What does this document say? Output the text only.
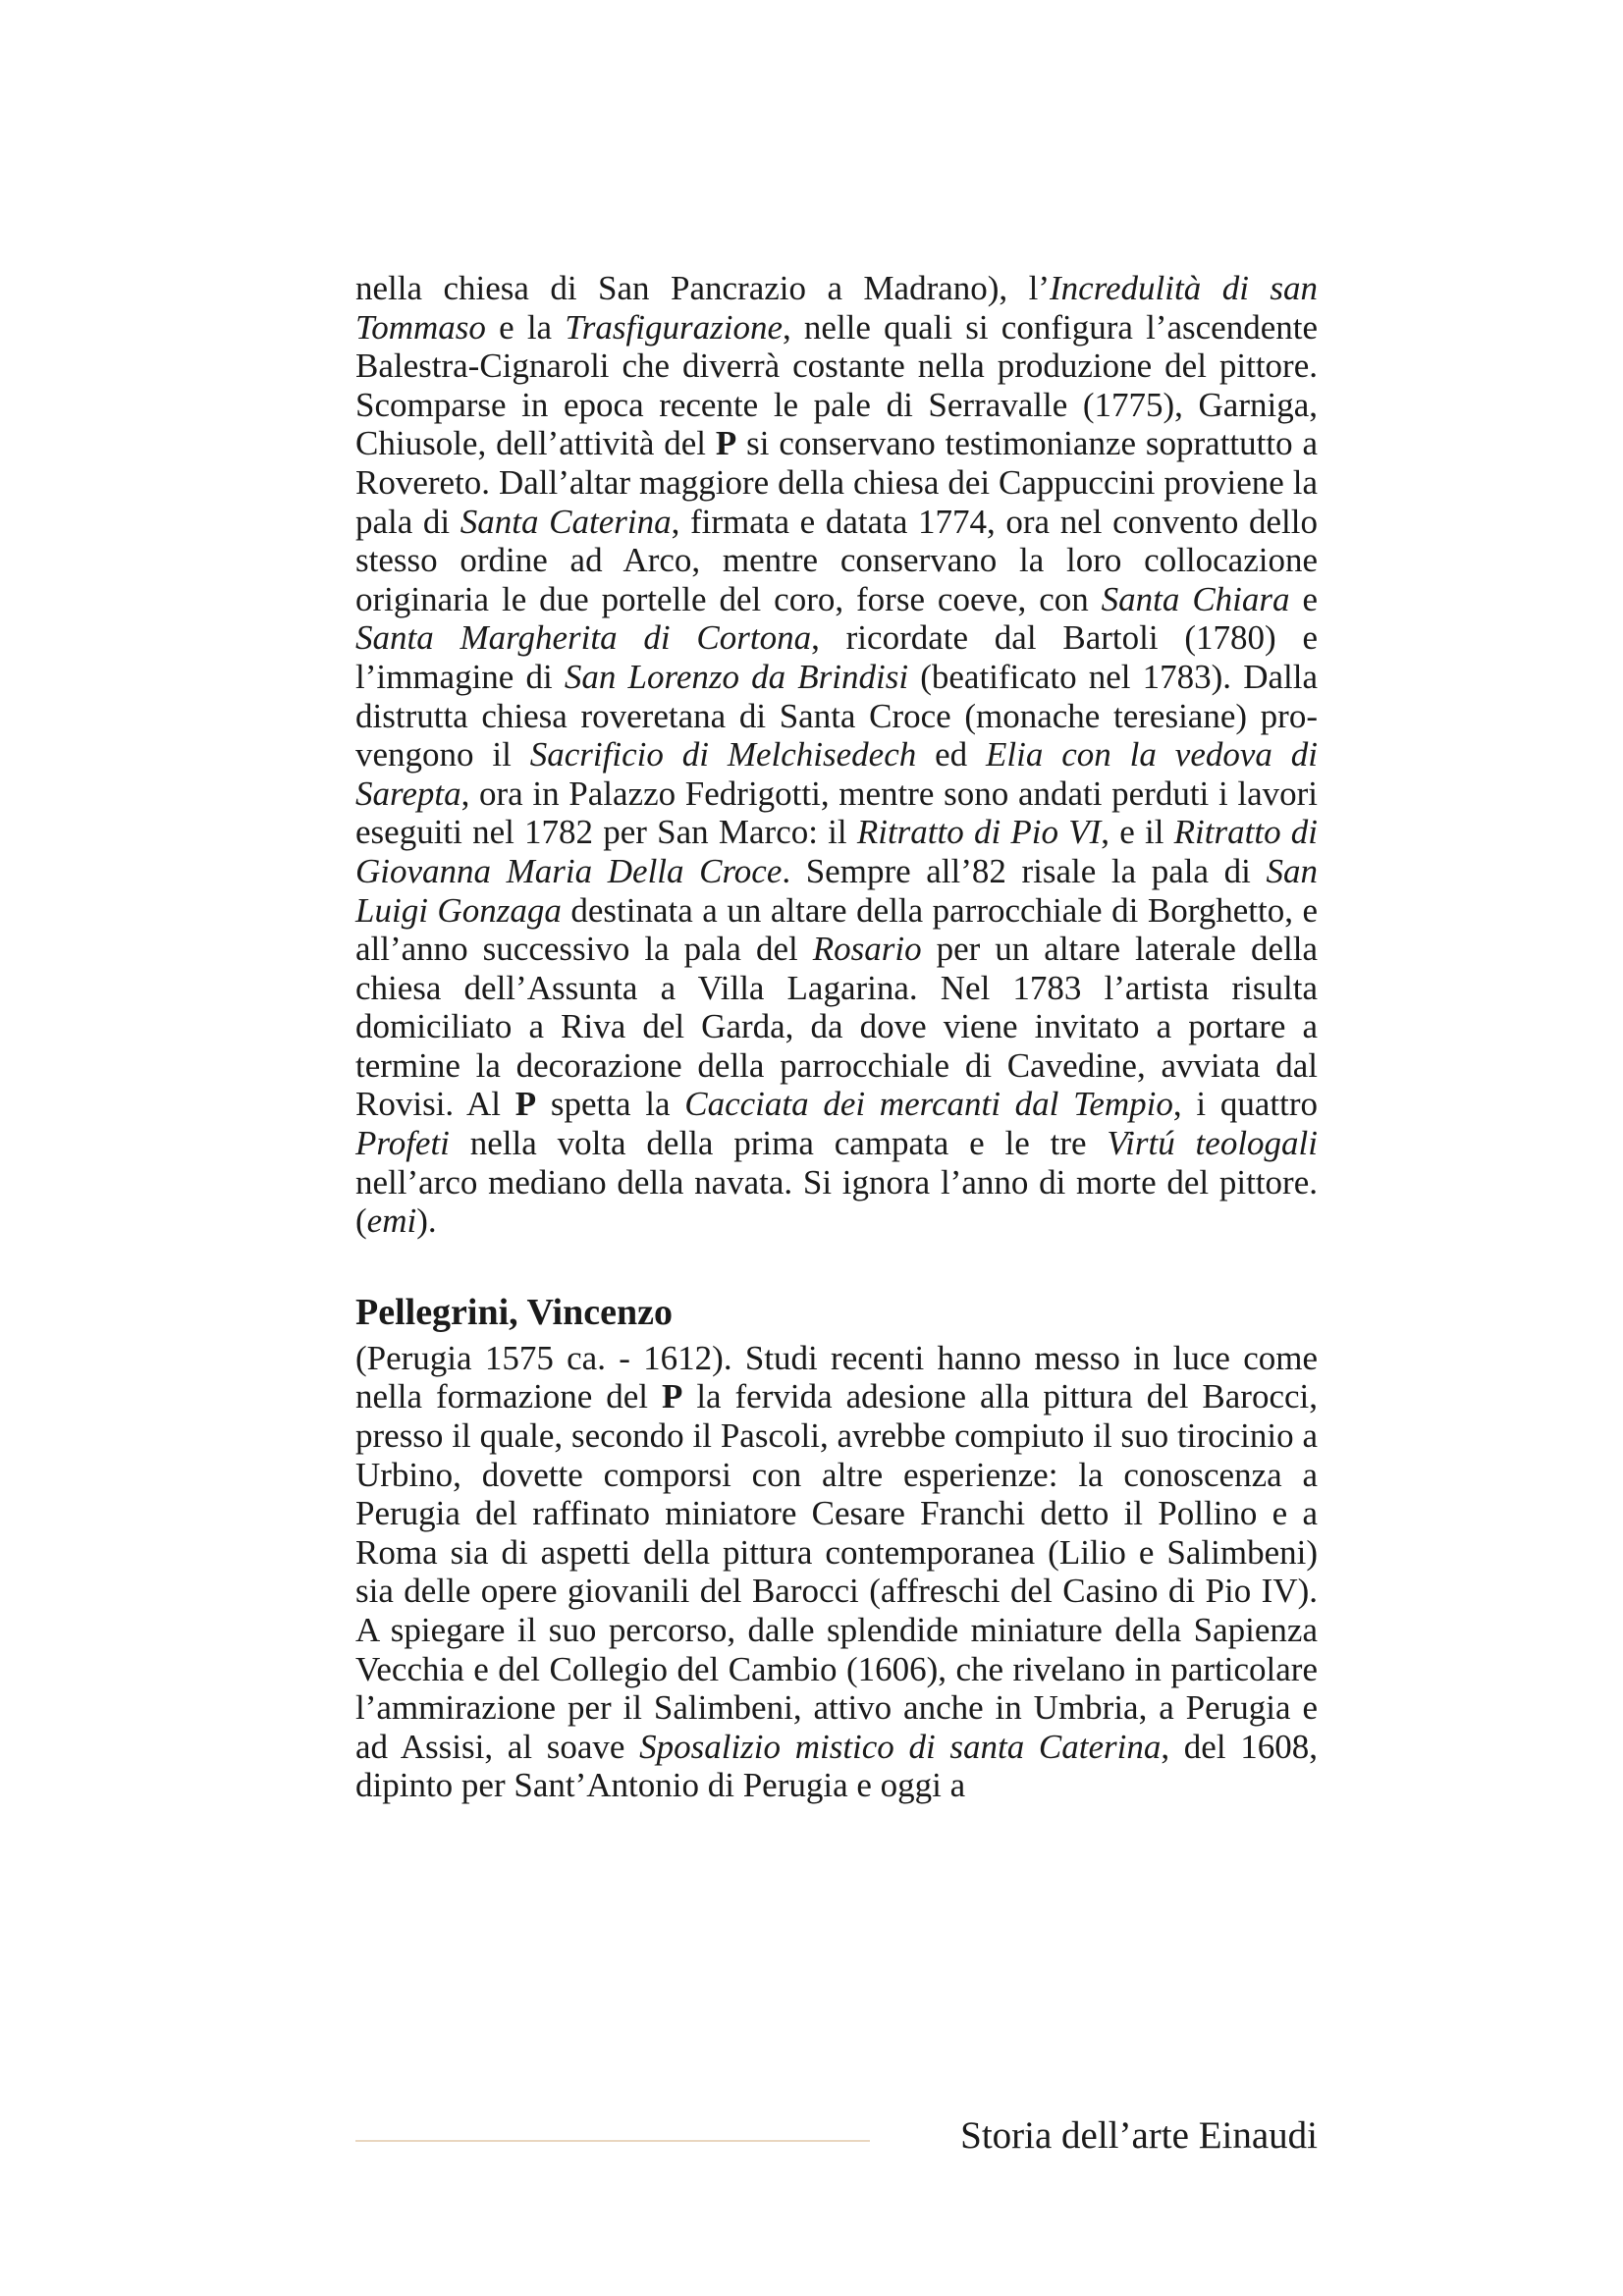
nella chiesa di San Pancrazio a Madrano), l’Incredulità di san Tommaso e la Trasfigurazione, nelle quali si configura l’ascendente Balestra-Cignaroli che diverrà costante nella produzione del pittore. Scomparse in epoca recente le pale di Serravalle (1775), Garniga, Chiusole, dell’attività del P si conservano testimonianze soprattutto a Rovereto. Dall’altar maggiore della chiesa dei Cappuccini proviene la pala di Santa Caterina, firmata e datata 1774, ora nel convento dello stesso ordine ad Arco, mentre conservano la loro collocazione originaria le due portelle del coro, forse coeve, con Santa Chiara e Santa Margherita di Cortona, ricordate dal Bartoli (1780) e l’immagine di San Lorenzo da Brindisi (beatificato nel 1783). Dalla distrutta chiesa roveretana di Santa Croce (monache teresiane) provengono il Sacrificio di Melchisedech ed Elia con la vedova di Sarepta, ora in Palazzo Fedrigotti, mentre sono andati perduti i lavori eseguiti nel 1782 per San Marco: il Ritratto di Pio VI, e il Ritratto di Giovanna Maria Della Croce. Sempre all’82 risale la pala di San Luigi Gonzaga destinata a un altare della parrocchiale di Borghetto, e all’anno successivo la pala del Rosario per un altare laterale della chiesa dell’Assunta a Villa Lagarina. Nel 1783 l’artista risulta domiciliato a Riva del Garda, da dove viene invitato a portare a termine la decorazione della parrocchiale di Cavedine, avviata dal Rovisi. Al P spetta la Cacciata dei mercanti dal Tempio, i quattro Profeti nella volta della prima campata e le tre Virtú teologali nell’arco mediano della navata. Si ignora l’anno di morte del pittore. (emi).

Pellegrini, Vincenzo

(Perugia 1575 ca. - 1612). Studi recenti hanno messo in luce come nella formazione del P la fervida adesione alla pittura del Barocci, presso il quale, secondo il Pascoli, avrebbe compiuto il suo tirocinio a Urbino, dovette comporsi con altre esperienze: la conoscenza a Perugia del raffinato miniatore Cesare Franchi detto il Pollino e a Roma sia di aspetti della pittura contemporanea (Lilio e Salimbeni) sia delle opere giovanili del Barocci (affreschi del Casino di Pio IV). A spiegare il suo percorso, dalle splendide miniature della Sapienza Vecchia e del Collegio del Cambio (1606), che rivelano in particolare l’ammirazione per il Salimbeni, attivo anche in Umbria, a Perugia e ad Assisi, al soave Sposalizio mistico di santa Caterina, del 1608, dipinto per Sant’Antonio di Perugia e oggi a

Storia dell’arte Einaudi
